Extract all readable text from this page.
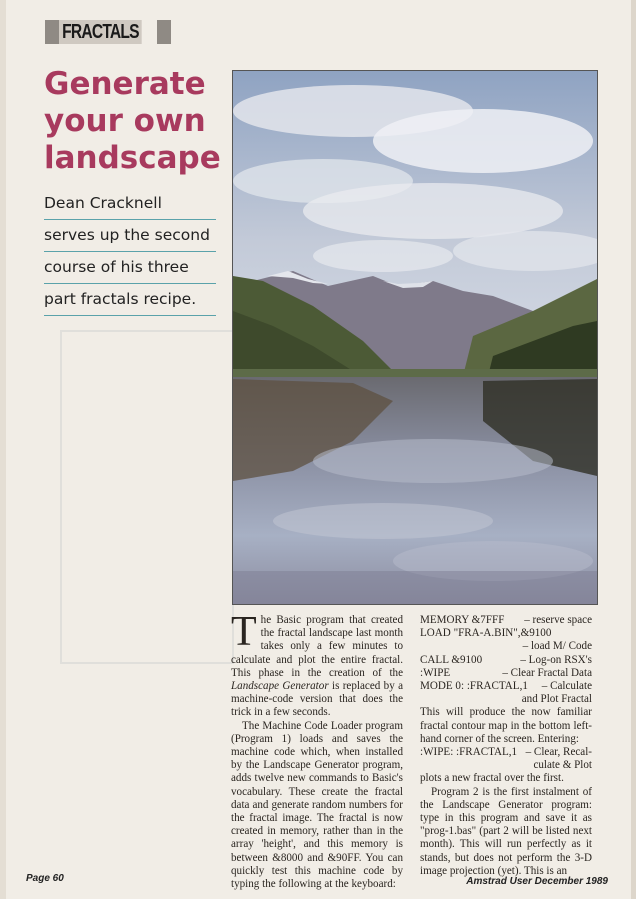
FRACTALS
Generate
your own
landscape
Dean Cracknell
serves up the second
course of his three
part fractals recipe.

The Basic program that created the fractal landscape last month takes only a few minutes to calculate and plot the entire fractal. This phase in the creation of the Landscape Generator is replaced by a machine-code version that does the trick in a few seconds.

The Machine Code Loader program (Program 1) loads and saves the machine code which, when installed by the Landscape Generator program, adds twelve new commands to Basic's vocabulary. These create the fractal data and generate random numbers for the fractal image. The fractal is now created in memory, rather than in the array 'height', and this memory is between &8000 and &90FF. You can quickly test this machine code by typing the following at the keyboard:

MEMORY &7FFF – reserve space
LOAD "FRA-A.BIN",&9100
– load M/ Code
CALL &9100	– Log-on RSX's
:WIPE	– Clear Fractal Data
MODE 0: :FRACTAL,1 – Calculate
and Plot Fractal

This will produce the now familiar fractal contour map in the bottom left-hand corner of the screen. Entering:

:WIPE: :FRACTAL,1 – Clear, Recal-
culate & Plot

plots a new fractal over the first.

Program 2 is the first instalment of the Landscape Generator program: type in this program and save it as "prog-1.bas" (part 2 will be listed next month). This will run perfectly as it stands, but does not perform the 3-D image projection (yet). This is an

Page 60	Amstrad User December 1989
